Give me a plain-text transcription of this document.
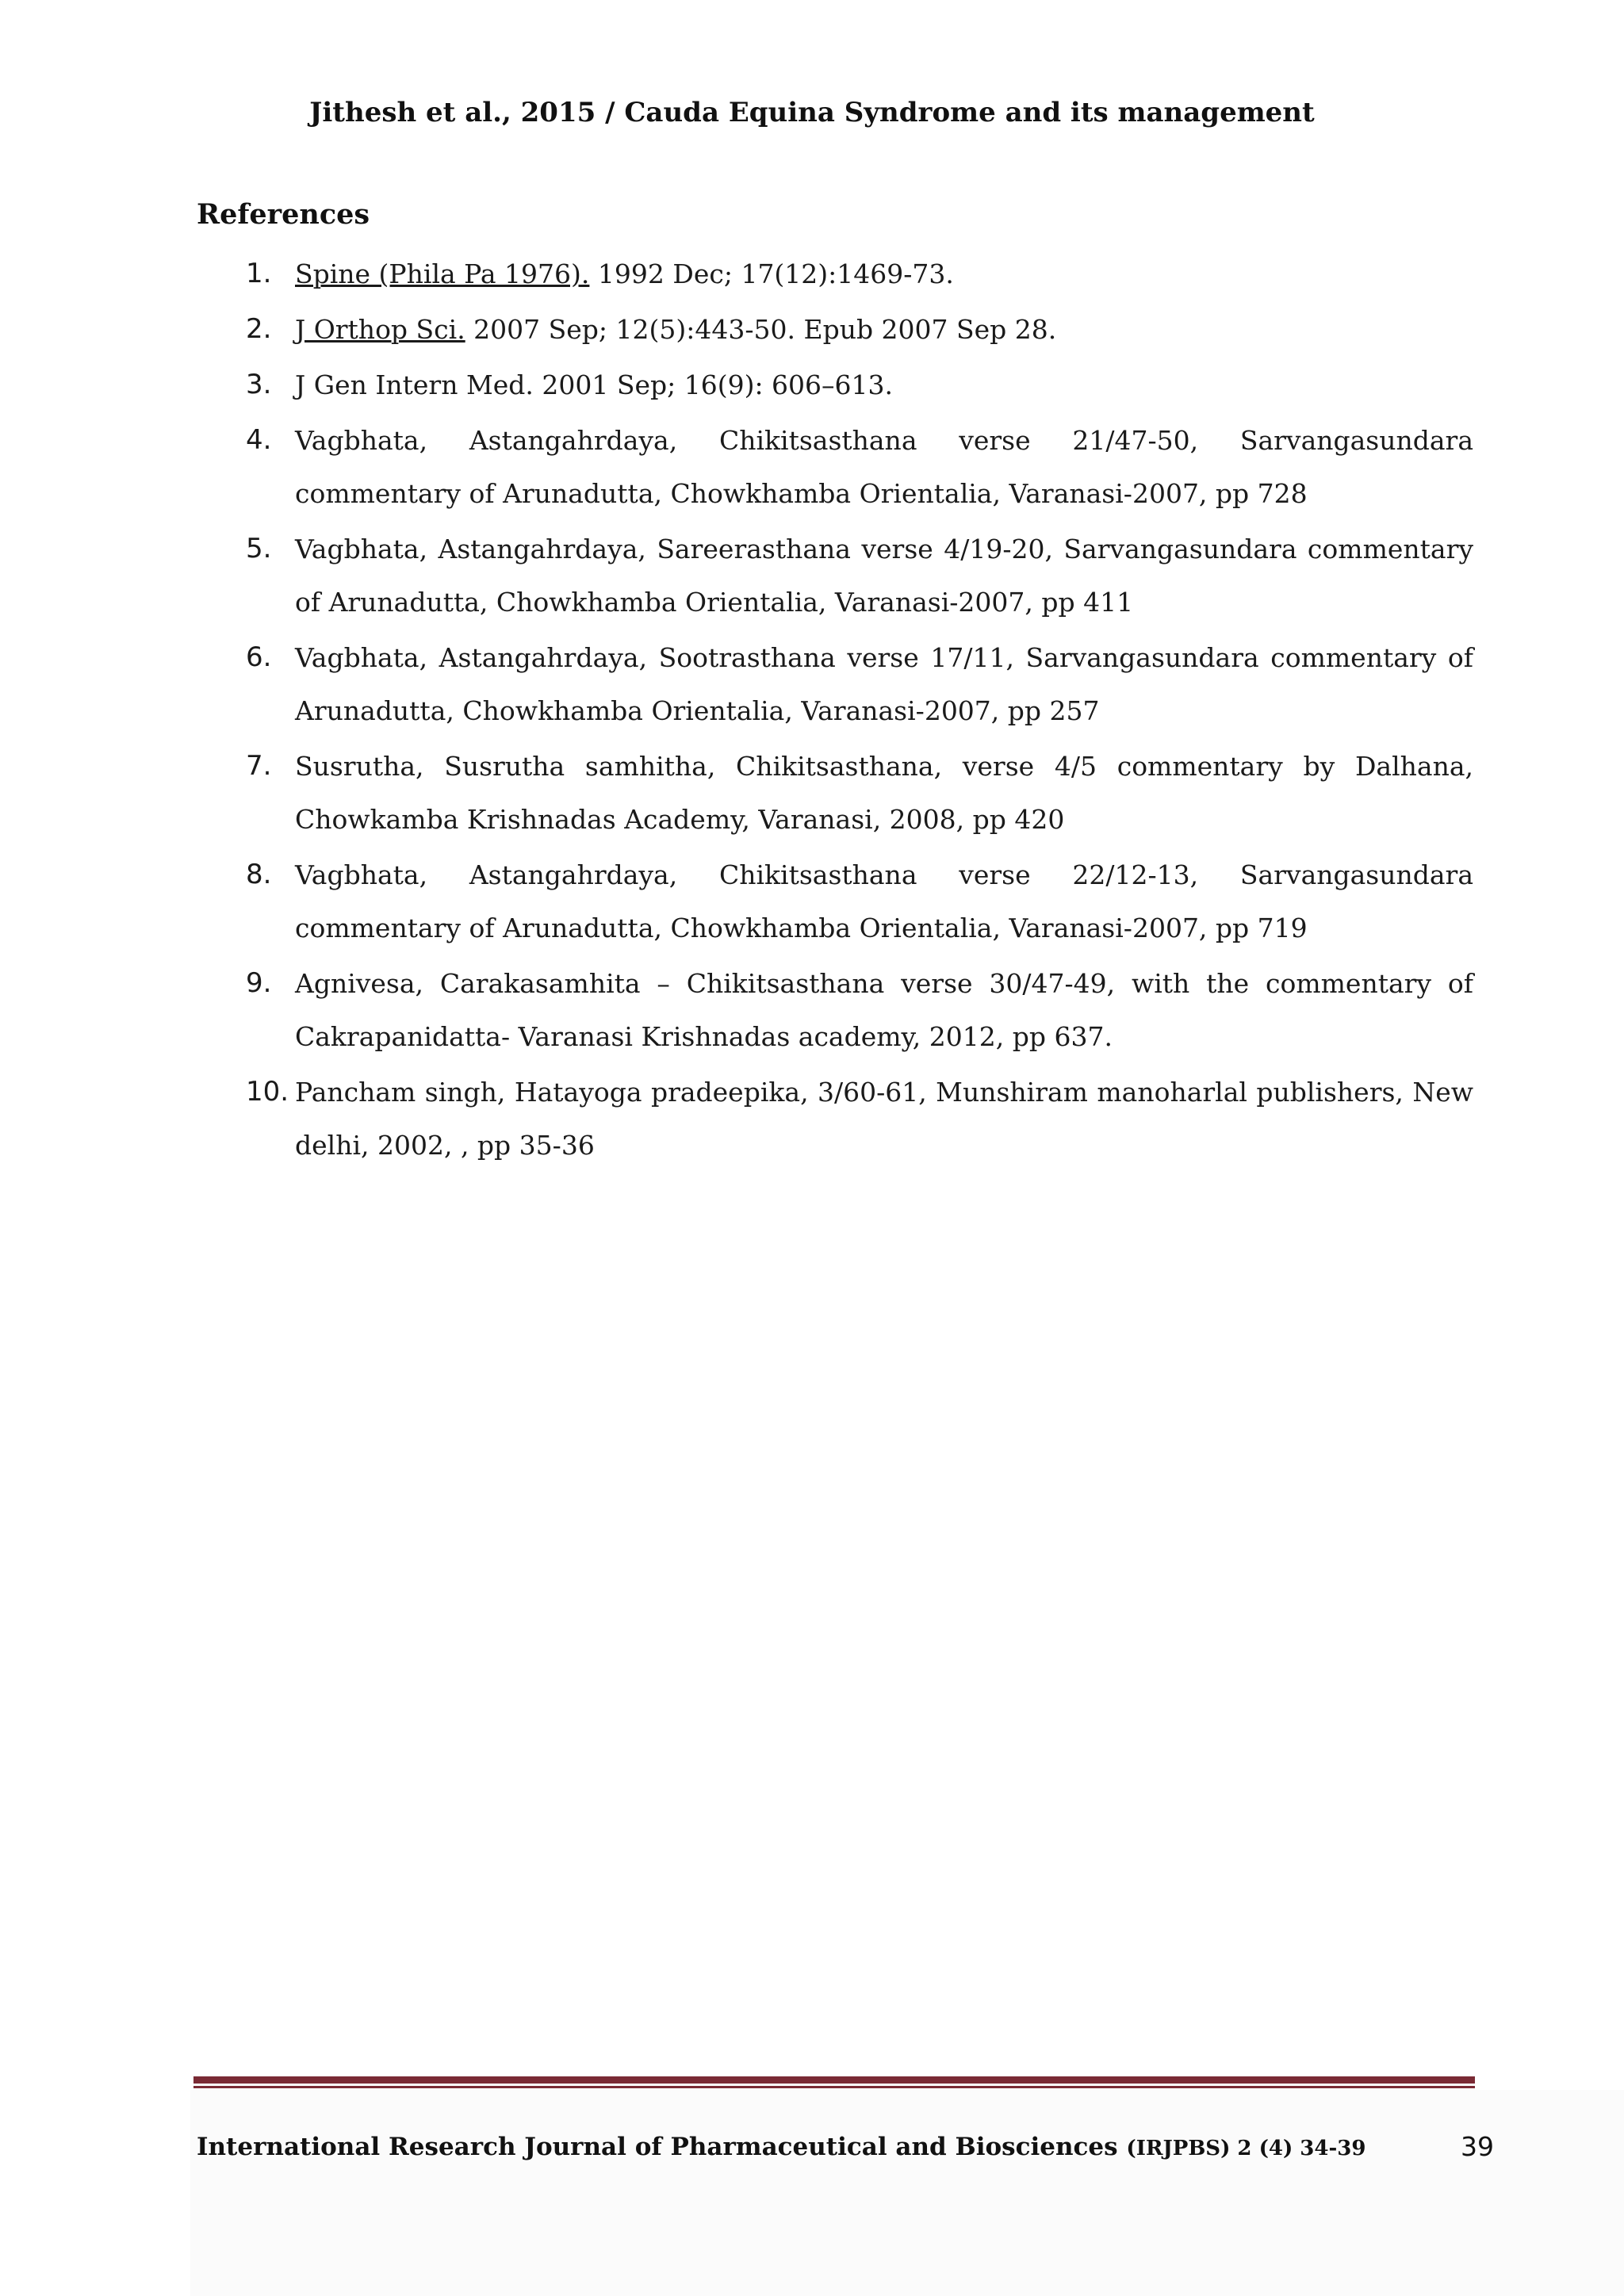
Jithesh et al., 2015 / Cauda Equina Syndrome and its management
References
1. Spine (Phila Pa 1976). 1992 Dec; 17(12):1469-73.
2. J Orthop Sci. 2007 Sep; 12(5):443-50. Epub 2007 Sep 28.
3. J Gen Intern Med. 2001 Sep; 16(9): 606–613.
4. Vagbhata, Astangahrdaya, Chikitsasthana verse 21/47-50, Sarvangasundara commentary of Arunadutta, Chowkhamba Orientalia, Varanasi-2007, pp 728
5. Vagbhata, Astangahrdaya, Sareerasthana verse 4/19-20, Sarvangasundara commentary of Arunadutta, Chowkhamba Orientalia, Varanasi-2007, pp 411
6. Vagbhata, Astangahrdaya, Sootrasthana verse 17/11, Sarvangasundara commentary of Arunadutta, Chowkhamba Orientalia, Varanasi-2007, pp 257
7. Susrutha, Susrutha samhitha, Chikitsasthana, verse 4/5 commentary by Dalhana, Chowkamba Krishnadas Academy, Varanasi, 2008, pp 420
8. Vagbhata, Astangahrdaya, Chikitsasthana verse 22/12-13, Sarvangasundara commentary of Arunadutta, Chowkhamba Orientalia, Varanasi-2007, pp 719
9. Agnivesa, Carakasamhita – Chikitsasthana verse 30/47-49, with the commentary of Cakrapanidatta- Varanasi Krishnadas academy, 2012, pp 637.
10. Pancham singh, Hatayoga pradeepika, 3/60-61, Munshiram manoharlal publishers, New delhi, 2002, , pp 35-36
International Research Journal of Pharmaceutical and Biosciences (IRJPBS) 2 (4) 34-39	39
